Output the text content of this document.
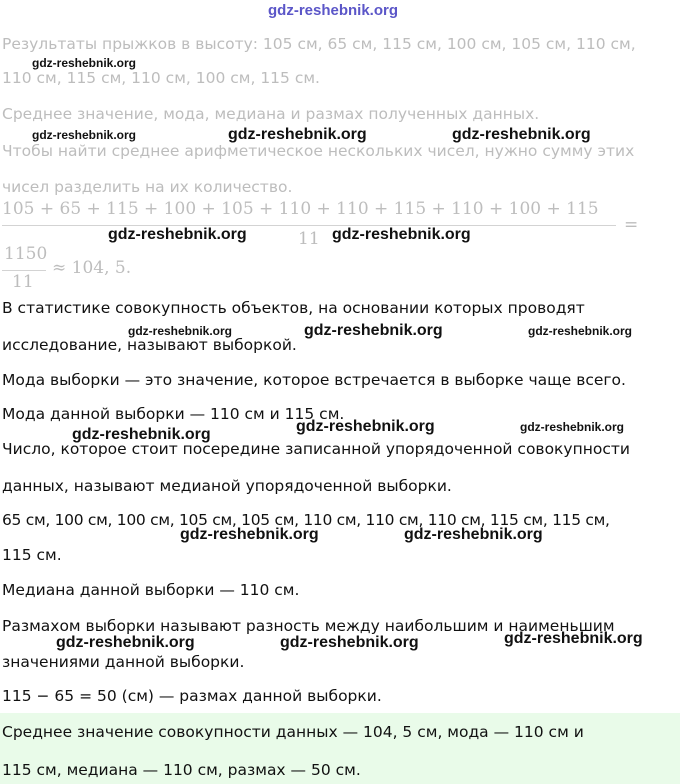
gdz-reshebnik.org
Результаты прыжков в высоту: 105 см, 65 см, 115 см, 100 см, 105 см, 110 см,
110 см, 115 см, 110 см, 100 см, 115 см.
Среднее значение, мода, медиана и размах полученных данных.
Чтобы найти среднее арифметическое нескольких чисел, нужно сумму этих
чисел разделить на их количество.
105 + 65 + 115 + 100 + 105 + 110 + 110 + 115 + 110 + 100 + 115
11
=
1150
11
≈ 104, 5.
В статистике совокупность объектов, на основании которых проводят
исследование, называют выборкой.
Мода выборки — это значение, которое встречается в выборке чаще всего.
Мода данной выборки — 110 см и 115 см.
Число, которое стоит посередине записанной упорядоченной совокупности
данных, называют медианой упорядоченной выборки.
65 см, 100 см, 100 см, 105 см, 105 см, 110 см, 110 см, 110 см, 115 см, 115 см,
115 см.
Медиана данной выборки — 110 см.
Размахом выборки называют разность между наибольшим и наименьшим
значениями данной выборки.
115 − 65 = 50 (см) — размах данной выборки.
Среднее значение совокупности данных — 104, 5 см, мода — 110 см и
115 см, медиана — 110 см, размах — 50 см.
gdz-reshebnik.org
gdz-reshebnik.org	gdz-reshebnik.org	gdz-reshebnik.org
gdz-reshebnik.org	gdz-reshebnik.org
gdz-reshebnik.org	gdz-reshebnik.org	gdz-reshebnik.org
gdz-reshebnik.org	gdz-reshebnik.org	gdz-reshebnik.org
gdz-reshebnik.org	gdz-reshebnik.org
gdz-reshebnik.org	gdz-reshebnik.org	gdz-reshebnik.org
